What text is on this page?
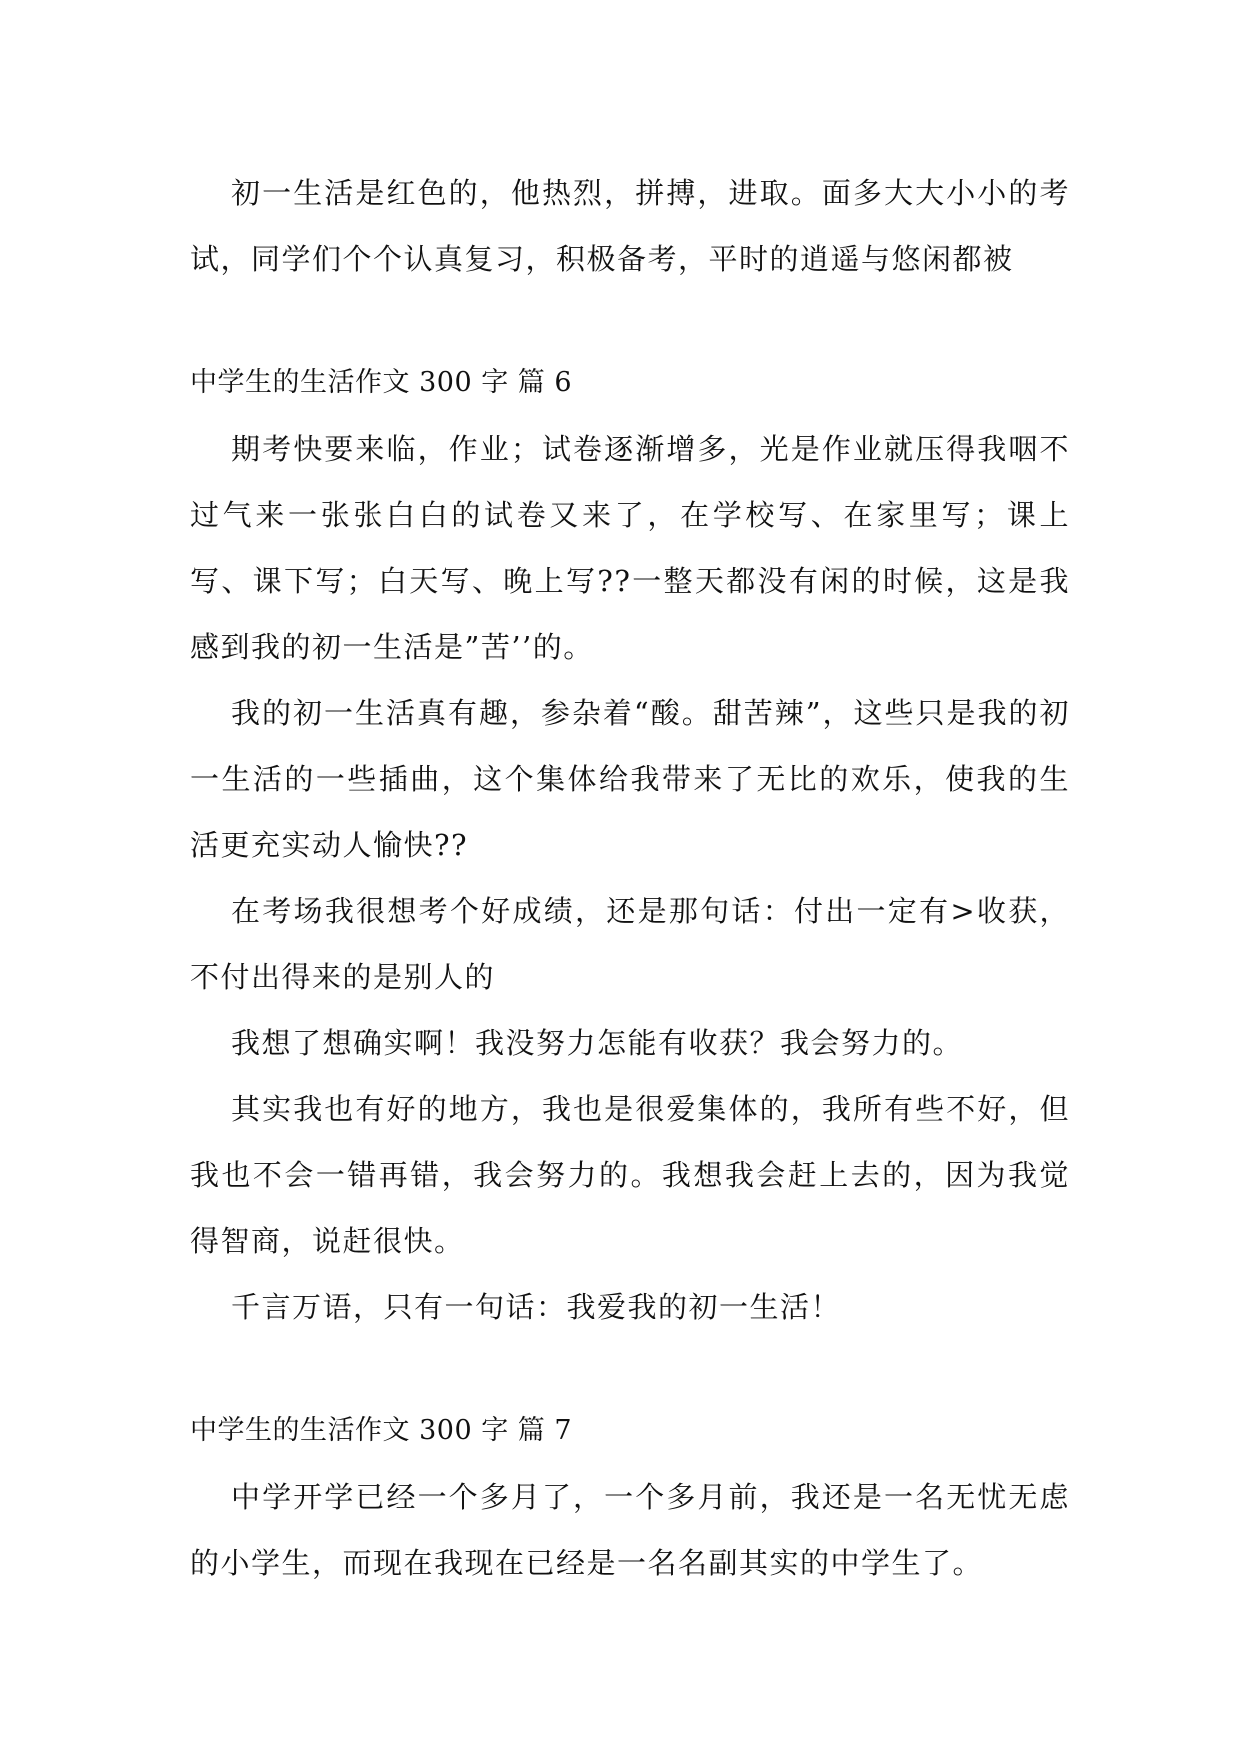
初一生活是红色的，他热烈，拼搏，进取。面多大大小小的考试，同学们个个认真复习，积极备考，平时的逍遥与悠闲都被

中学生的生活作文 300 字 篇 6

期考快要来临，作业；试卷逐渐增多，光是作业就压得我咽不过气来一张张白白的试卷又来了，在学校写、在家里写；课上写、课下写；白天写、晚上写??一整天都没有闲的时候，这是我感到我的初一生活是”苦’’的。

我的初一生活真有趣，参杂着“酸。甜苦辣”，这些只是我的初一生活的一些插曲，这个集体给我带来了无比的欢乐，使我的生活更充实动人愉快??

在考场我很想考个好成绩，还是那句话：付出一定有>收获，不付出得来的是别人的

我想了想确实啊！我没努力怎能有收获？我会努力的。

其实我也有好的地方，我也是很爱集体的，我所有些不好，但我也不会一错再错，我会努力的。我想我会赶上去的，因为我觉得智商，说赶很快。

千言万语，只有一句话：我爱我的初一生活！

中学生的生活作文 300 字 篇 7

中学开学已经一个多月了，一个多月前，我还是一名无忧无虑的小学生，而现在我现在已经是一名名副其实的中学生了。
